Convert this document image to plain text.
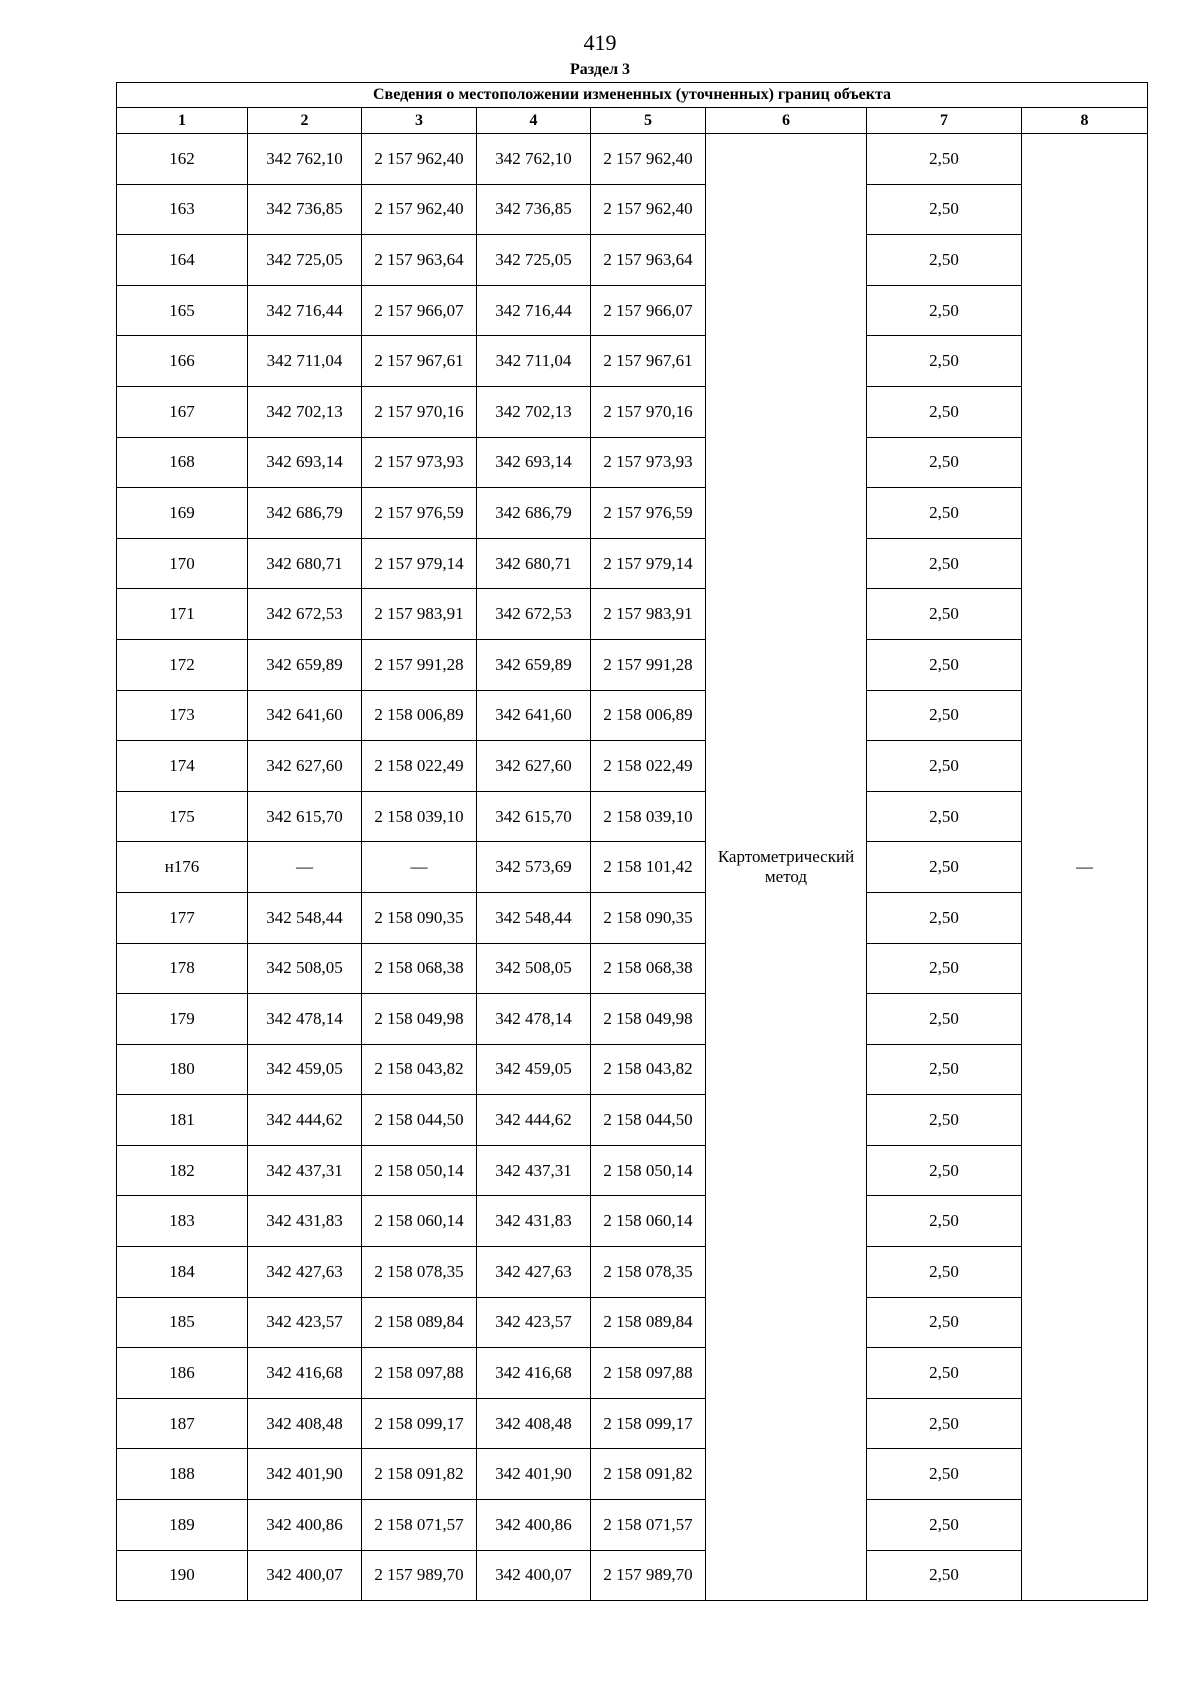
419
Раздел 3
Сведения о местоположении измененных (уточненных) границ объекта							
1	2	3	4	5	6	7	8
162	342 762,10	2 157 962,40	342 762,10	2 157 962,40	Картометрический метод	2,50	—
163	342 736,85	2 157 962,40	342 736,85	2 157 962,40		2,50	
164	342 725,05	2 157 963,64	342 725,05	2 157 963,64		2,50	
165	342 716,44	2 157 966,07	342 716,44	2 157 966,07		2,50	
166	342 711,04	2 157 967,61	342 711,04	2 157 967,61		2,50	
167	342 702,13	2 157 970,16	342 702,13	2 157 970,16		2,50	
168	342 693,14	2 157 973,93	342 693,14	2 157 973,93		2,50	
169	342 686,79	2 157 976,59	342 686,79	2 157 976,59		2,50	
170	342 680,71	2 157 979,14	342 680,71	2 157 979,14		2,50	
171	342 672,53	2 157 983,91	342 672,53	2 157 983,91		2,50	
172	342 659,89	2 157 991,28	342 659,89	2 157 991,28		2,50	
173	342 641,60	2 158 006,89	342 641,60	2 158 006,89		2,50	
174	342 627,60	2 158 022,49	342 627,60	2 158 022,49		2,50	
175	342 615,70	2 158 039,10	342 615,70	2 158 039,10		2,50	
н176	—	—	342 573,69	2 158 101,42		2,50	
177	342 548,44	2 158 090,35	342 548,44	2 158 090,35		2,50	
178	342 508,05	2 158 068,38	342 508,05	2 158 068,38		2,50	
179	342 478,14	2 158 049,98	342 478,14	2 158 049,98		2,50	
180	342 459,05	2 158 043,82	342 459,05	2 158 043,82		2,50	
181	342 444,62	2 158 044,50	342 444,62	2 158 044,50		2,50	
182	342 437,31	2 158 050,14	342 437,31	2 158 050,14		2,50	
183	342 431,83	2 158 060,14	342 431,83	2 158 060,14		2,50	
184	342 427,63	2 158 078,35	342 427,63	2 158 078,35		2,50	
185	342 423,57	2 158 089,84	342 423,57	2 158 089,84		2,50	
186	342 416,68	2 158 097,88	342 416,68	2 158 097,88		2,50	
187	342 408,48	2 158 099,17	342 408,48	2 158 099,17		2,50	
188	342 401,90	2 158 091,82	342 401,90	2 158 091,82		2,50	
189	342 400,86	2 158 071,57	342 400,86	2 158 071,57		2,50	
190	342 400,07	2 157 989,70	342 400,07	2 157 989,70		2,50	
